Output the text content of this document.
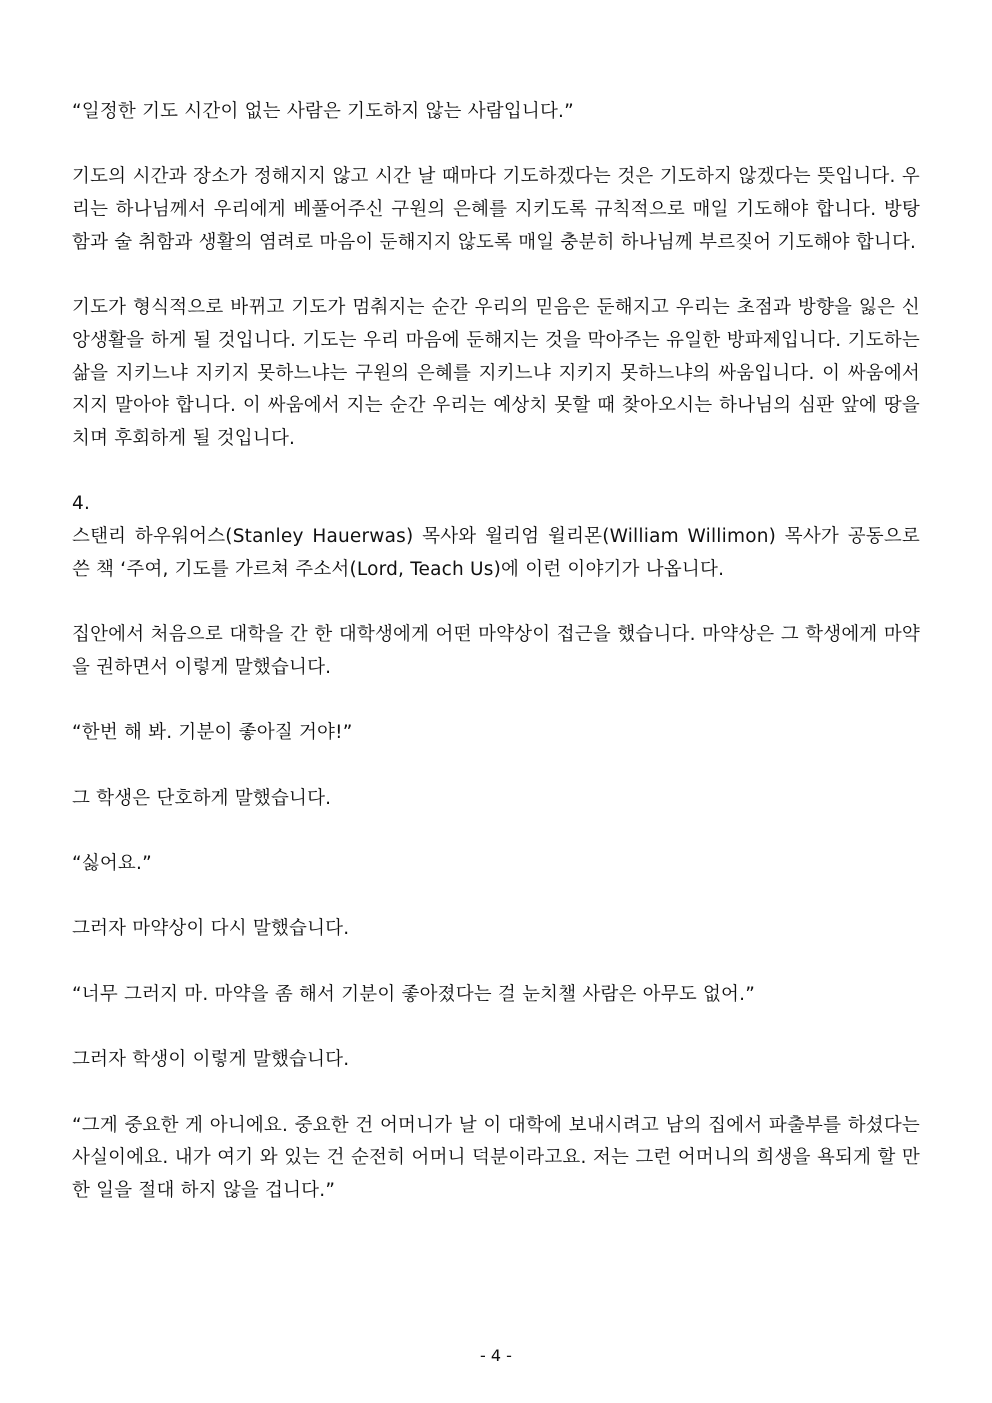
“일정한 기도 시간이 없는 사람은 기도하지 않는 사람입니다.”

기도의 시간과 장소가 정해지지 않고 시간 날 때마다 기도하겠다는 것은 기도하지 않겠다는 뜻입니다. 우리는 하나님께서 우리에게 베풀어주신 구원의 은혜를 지키도록 규칙적으로 매일 기도해야 합니다. 방탕함과 술 취함과 생활의 염려로 마음이 둔해지지 않도록 매일 충분히 하나님께 부르짖어 기도해야 합니다.

기도가 형식적으로 바뀌고 기도가 멈춰지는 순간 우리의 믿음은 둔해지고 우리는 초점과 방향을 잃은 신앙생활을 하게 될 것입니다. 기도는 우리 마음에 둔해지는 것을 막아주는 유일한 방파제입니다. 기도하는 삶을 지키느냐 지키지 못하느냐는 구원의 은혜를 지키느냐 지키지 못하느냐의 싸움입니다. 이 싸움에서 지지 말아야 합니다. 이 싸움에서 지는 순간 우리는 예상치 못할 때 찾아오시는 하나님의 심판 앞에 땅을 치며 후회하게 될 것입니다.

4.

스탠리 하우워어스(Stanley Hauerwas) 목사와 윌리엄 윌리몬(William Willimon) 목사가 공동으로 쓴 책 ‘주여, 기도를 가르쳐 주소서(Lord, Teach Us)에 이런 이야기가 나옵니다.

집안에서 처음으로 대학을 간 한 대학생에게 어떤 마약상이 접근을 했습니다. 마약상은 그 학생에게 마약을 권하면서 이렇게 말했습니다.

“한번 해 봐. 기분이 좋아질 거야!”

그 학생은 단호하게 말했습니다.

“싫어요.”

그러자 마약상이 다시 말했습니다.

“너무 그러지 마. 마약을 좀 해서 기분이 좋아졌다는 걸 눈치챌 사람은 아무도 없어.”

그러자 학생이 이렇게 말했습니다.

“그게 중요한 게 아니에요. 중요한 건 어머니가 날 이 대학에 보내시려고 남의 집에서 파출부를 하셨다는 사실이에요. 내가 여기 와 있는 건 순전히 어머니 덕분이라고요. 저는 그런 어머니의 희생을 욕되게 할 만한 일을 절대 하지 않을 겁니다.”

- 4 -
